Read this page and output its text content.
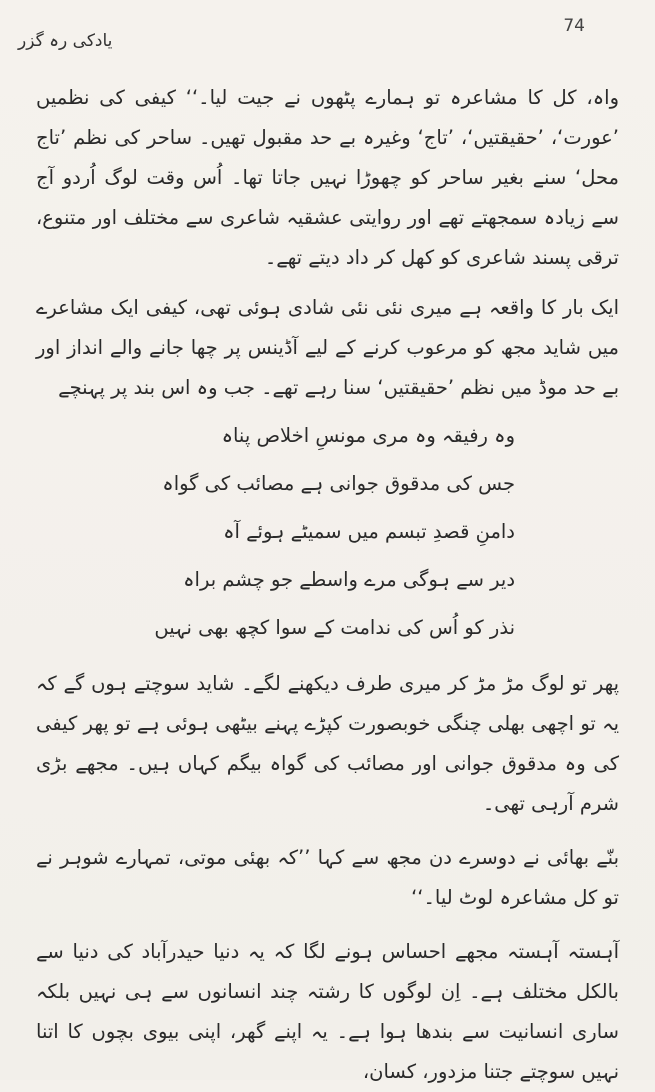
یادکی رہ گزر
74

واہ، کل کا مشاعرہ تو ہمارے پٹھوں نے جیت لیا۔‘‘ کیفی کی نظمیں ’عورت‘، ’حقیقتیں‘، ’تاج‘ وغیرہ بے حد مقبول تھیں۔ ساحر کی نظم ’تاج محل‘ سنے بغیر ساحر کو چھوڑا نہیں جاتا تھا۔ اُس وقت لوگ اُردو آج سے زیادہ سمجھتے تھے اور روایتی عشقیہ شاعری سے مختلف اور متنوع، ترقی پسند شاعری کو کھل کر داد دیتے تھے۔

ایک بار کا واقعہ ہے میری نئی نئی شادی ہوئی تھی، کیفی ایک مشاعرے میں شاید مجھ کو مرعوب کرنے کے لیے آڈینس پر چھا جانے والے انداز اور بے حد موڈ میں نظم ’حقیقتیں‘ سنا رہے تھے۔ جب وہ اس بند پر پہنچے

وہ رفیقہ وہ مری مونسِ اخلاص پناہ

جس کی مدقوق جوانی ہے مصائب کی گواہ

دامنِ قصدِ تبسم میں سمیٹے ہوئے آہ

دیر سے ہوگی مرے واسطے جو چشم براہ

نذر کو اُس کی ندامت کے سوا کچھ بھی نہیں

پھر تو لوگ مڑ مڑ کر میری طرف دیکھنے لگے۔ شاید سوچتے ہوں گے کہ یہ تو اچھی بھلی چنگی خوبصورت کپڑے پہنے بیٹھی ہوئی ہے تو پھر کیفی کی وہ مدقوق جوانی اور مصائب کی گواہ بیگم کہاں ہیں۔ مجھے بڑی شرم آرہی تھی۔

بنّے بھائی نے دوسرے دن مجھ سے کہا ’’کہ بھئی موتی، تمہارے شوہر نے تو کل مشاعرہ لوٹ لیا۔‘‘

آہستہ آہستہ مجھے احساس ہونے لگا کہ یہ دنیا حیدرآباد کی دنیا سے بالکل مختلف ہے۔ اِن لوگوں کا رشتہ چند انسانوں سے ہی نہیں بلکہ ساری انسانیت سے بندھا ہوا ہے۔ یہ اپنے گھر، اپنی بیوی بچوں کا اتنا نہیں سوچتے جتنا مزدور، کسان،
